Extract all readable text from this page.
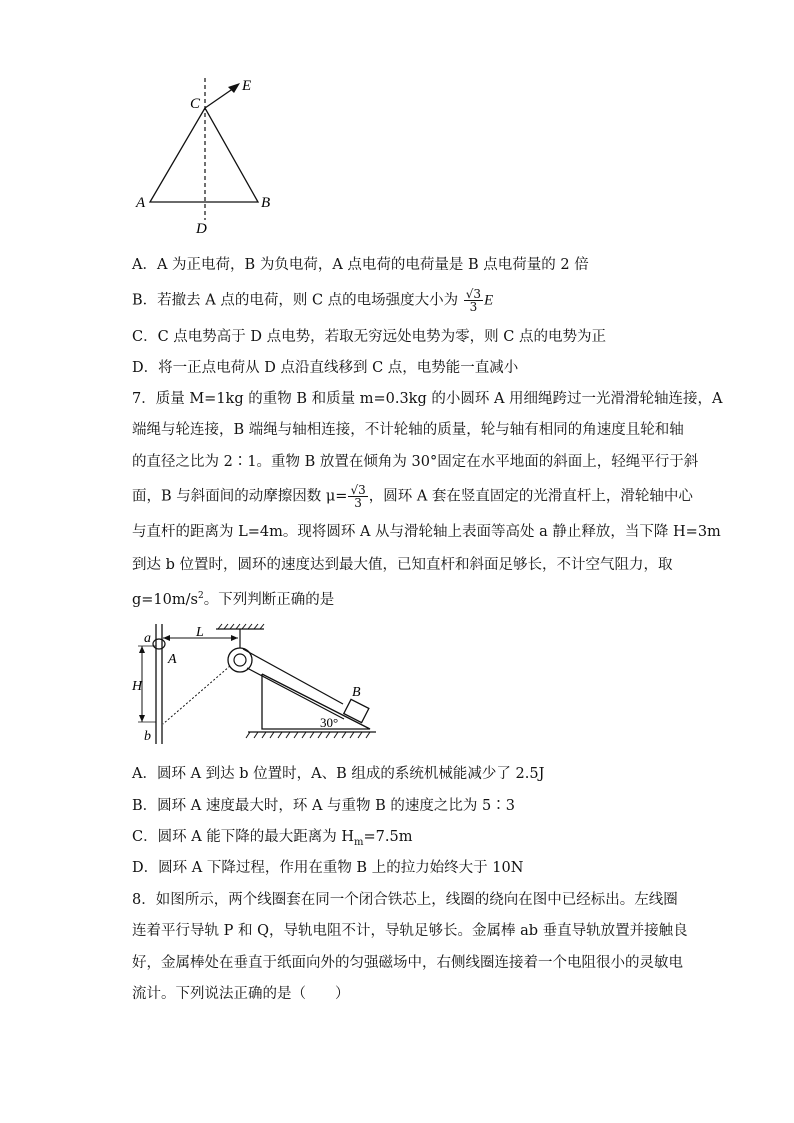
C
E
A	B
D
A．A 为正电荷，B 为负电荷，A 点电荷的电荷量是 B 点电荷量的 2 倍
B．若撤去 A 点的电荷，则 C 点的电场强度大小为 $\frac{√3}{3}$ E
C．C 点电势高于 D 点电势，若取无穷远处电势为零，则 C 点的电势为正
D．将一正点电荷从 D 点沿直线移到 C 点，电势能一直减小
7．质量 M=1kg 的重物 B 和质量 m=0.3kg 的小圆环 A 用细绳跨过一光滑滑轮轴连接，A
端绳与轮连接，B 端绳与轴相连接，不计轮轴的质量，轮与轴有相同的角速度且轮和轴
的直径之比为 2∶1。重物 B 放置在倾角为 30°固定在水平地面的斜面上，轻绳平行于斜
面，B 与斜面间的动摩擦因数 $\mu= \frac{√3}{3}$ ，圆环 A 套在竖直固定的光滑直杆上，滑轮轴中心
与直杆的距离为 L=4m。现将圆环 A 从与滑轮轴上表面等高处 a 静止释放，当下降 H=3m
到达 b 位置时，圆环的速度达到最大值，已知直杆和斜面足够长，不计空气阻力，取
$g=10m/s^2$。下列判断正确的是
a
A
L
H
b
B
30°
A．圆环 A 到达 b 位置时，A、B 组成的系统机械能减少了 2.5J
B．圆环 A 速度最大时，环 A 与重物 B 的速度之比为 5∶3
C．圆环 A 能下降的最大距离为 $H_m=7.5m$
D．圆环 A 下降过程，作用在重物 B 上的拉力始终大于 10N
8．如图所示，两个线圈套在同一个闭合铁芯上，线圈的绕向在图中已经标出。左线圈
连着平行导轨 P 和 Q，导轨电阻不计，导轨足够长。金属棒 ab 垂直导轨放置并接触良
好，金属棒处在垂直于纸面向外的匀强磁场中，右侧线圈连接着一个电阻很小的灵敏电
流计。下列说法正确的是（　　）
